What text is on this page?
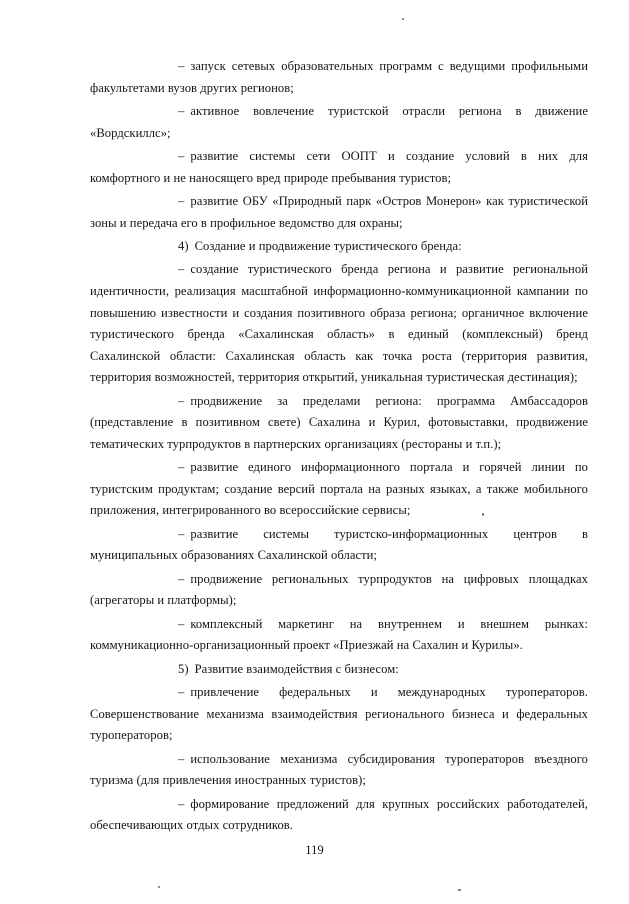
– запуск сетевых образовательных программ с ведущими профильными факультетами вузов других регионов;

– активное вовлечение туристской отрасли региона в движение «Вордскиллс»;

– развитие системы сети ООПТ и создание условий в них для комфортного и не наносящего вред природе пребывания туристов;

– развитие ОБУ «Природный парк «Остров Монерон» как туристической зоны и передача его в профильное ведомство для охраны;

4) Создание и продвижение туристического бренда:

– создание туристического бренда региона и развитие региональной идентичности, реализация масштабной информационно-коммуникационной кампании по повышению известности и создания позитивного образа региона; органичное включение туристического бренда «Сахалинская область» в единый (комплексный) бренд Сахалинской области: Сахалинская область как точка роста (территория развития, территория возможностей, территория открытий, уникальная туристическая дестинация);

– продвижение за пределами региона: программа Амбассадоров (представление в позитивном свете) Сахалина и Курил, фотовыставки, продвижение тематических турпродуктов в партнерских организациях (рестораны и т.п.);

– развитие единого информационного портала и горячей линии по туристским продуктам; создание версий портала на разных языках, а также мобильного приложения, интегрированного во всероссийские сервисы;

– развитие системы туристско-информационных центров в муниципальных образованиях Сахалинской области;

– продвижение региональных турпродуктов на цифровых площадках (агрегаторы и платформы);

– комплексный маркетинг на внутреннем и внешнем рынках: коммуникационно-организационный проект «Приезжай на Сахалин и Курилы».

5) Развитие взаимодействия с бизнесом:

– привлечение федеральных и международных туроператоров. Совершенствование механизма взаимодействия регионального бизнеса и федеральных туроператоров;

– использование механизма субсидирования туроператоров въездного туризма (для привлечения иностранных туристов);

– формирование предложений для крупных российских работодателей, обеспечивающих отдых сотрудников.

119
